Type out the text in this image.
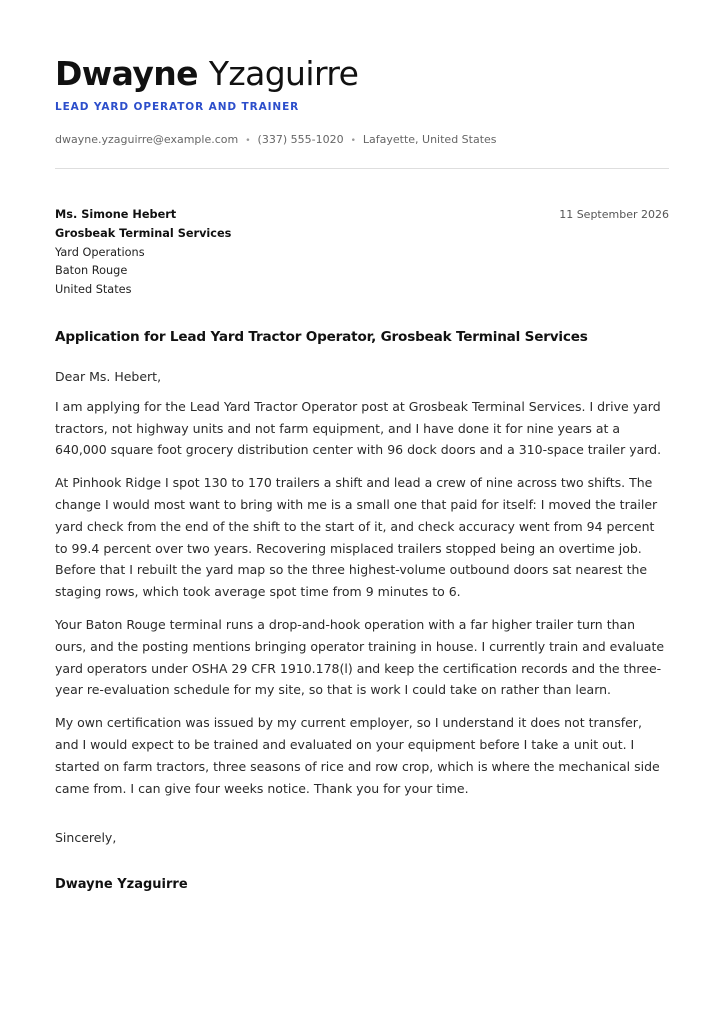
Dwayne Yzaguirre
LEAD YARD OPERATOR AND TRAINER
dwayne.yzaguirre@example.com • (337) 555-1020 • Lafayette, United States
Ms. Simone Hebert
Grosbeak Terminal Services
Yard Operations
Baton Rouge
United States
11 September 2026
Application for Lead Yard Tractor Operator, Grosbeak Terminal Services

Dear Ms. Hebert,

I am applying for the Lead Yard Tractor Operator post at Grosbeak Terminal Services. I drive yard tractors, not highway units and not farm equipment, and I have done it for nine years at a 640,000 square foot grocery distribution center with 96 dock doors and a 310-space trailer yard.

At Pinhook Ridge I spot 130 to 170 trailers a shift and lead a crew of nine across two shifts. The change I would most want to bring with me is a small one that paid for itself: I moved the trailer yard check from the end of the shift to the start of it, and check accuracy went from 94 percent to 99.4 percent over two years. Recovering misplaced trailers stopped being an overtime job. Before that I rebuilt the yard map so the three highest-volume outbound doors sat nearest the staging rows, which took average spot time from 9 minutes to 6.

Your Baton Rouge terminal runs a drop-and-hook operation with a far higher trailer turn than ours, and the posting mentions bringing operator training in house. I currently train and evaluate yard operators under OSHA 29 CFR 1910.178(l) and keep the certification records and the three-year re-evaluation schedule for my site, so that is work I could take on rather than learn.

My own certification was issued by my current employer, so I understand it does not transfer, and I would expect to be trained and evaluated on your equipment before I take a unit out. I started on farm tractors, three seasons of rice and row crop, which is where the mechanical side came from. I can give four weeks notice. Thank you for your time.

Sincerely,
Dwayne Yzaguirre
